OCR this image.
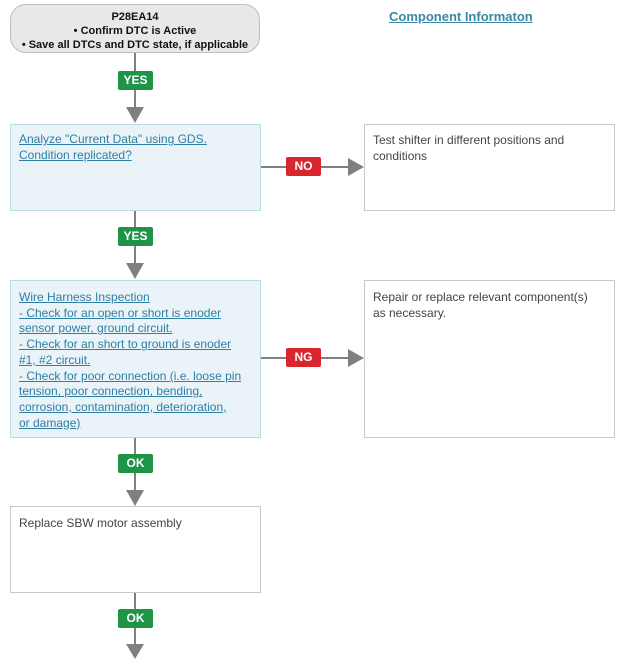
P28EA14
• Confirm DTC is Active
• Save all DTCs and DTC state, if applicable
Component Informaton
YES
Analyze "Current Data" using GDS.
Condition replicated?
NO
Test shifter in different positions and
conditions
YES
Wire Harness Inspection
- Check for an open or short is enoder
sensor power, ground circuit.
- Check for an short to ground is enoder
#1, #2 circuit.
- Check for poor connection (i.e. loose pin
tension, poor connection, bending,
corrosion, contamination, deterioration,
or damage)
NG
Repair or replace relevant component(s)
as necessary.
OK
Replace SBW motor assembly
OK
